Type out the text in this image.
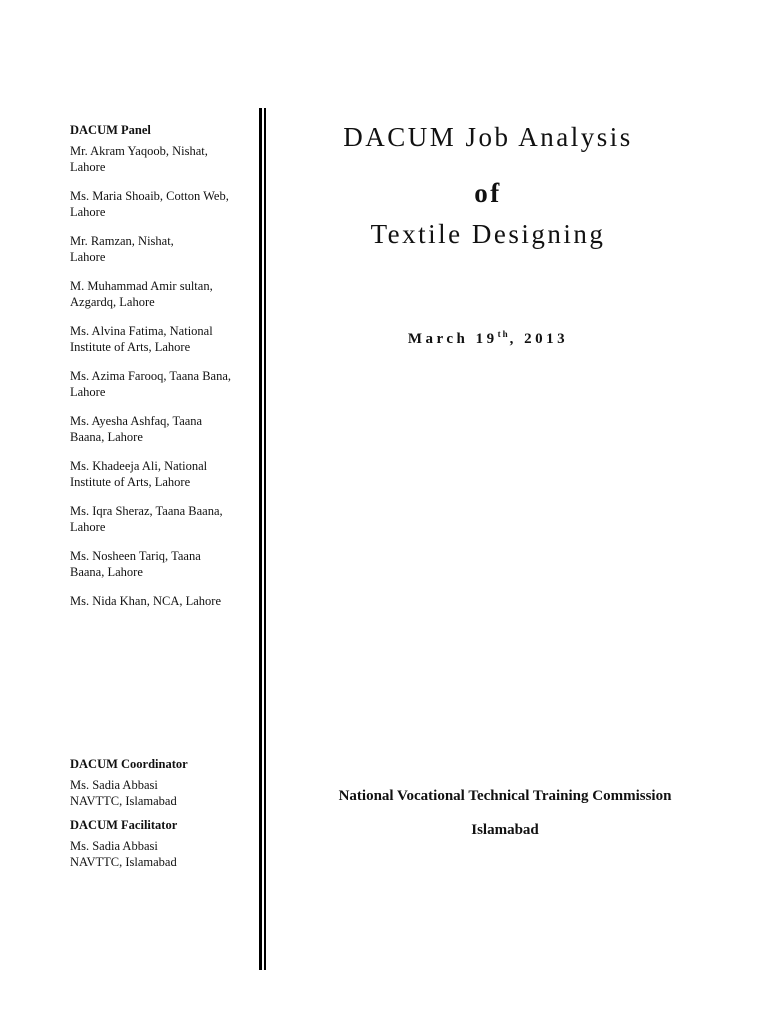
DACUM Panel
Mr. Akram Yaqoob, Nishat,
Lahore
Ms. Maria Shoaib, Cotton Web,
Lahore
Mr. Ramzan, Nishat,
Lahore
M. Muhammad Amir sultan,
Azgardq, Lahore
Ms. Alvina Fatima, National
Institute of Arts, Lahore
Ms. Azima Farooq, Taana Bana,
Lahore
Ms. Ayesha Ashfaq, Taana
Baana, Lahore
Ms. Khadeeja Ali, National
Institute of Arts, Lahore
Ms. Iqra Sheraz, Taana Baana,
Lahore
Ms. Nosheen Tariq, Taana
Baana, Lahore
Ms. Nida Khan, NCA, Lahore
DACUM Coordinator
Ms. Sadia Abbasi
NAVTTC, Islamabad
DACUM Facilitator
Ms. Sadia Abbasi
NAVTTC, Islamabad
DACUM Job Analysis
of
Textile Designing
March 19th, 2013
National Vocational Technical Training Commission
Islamabad
